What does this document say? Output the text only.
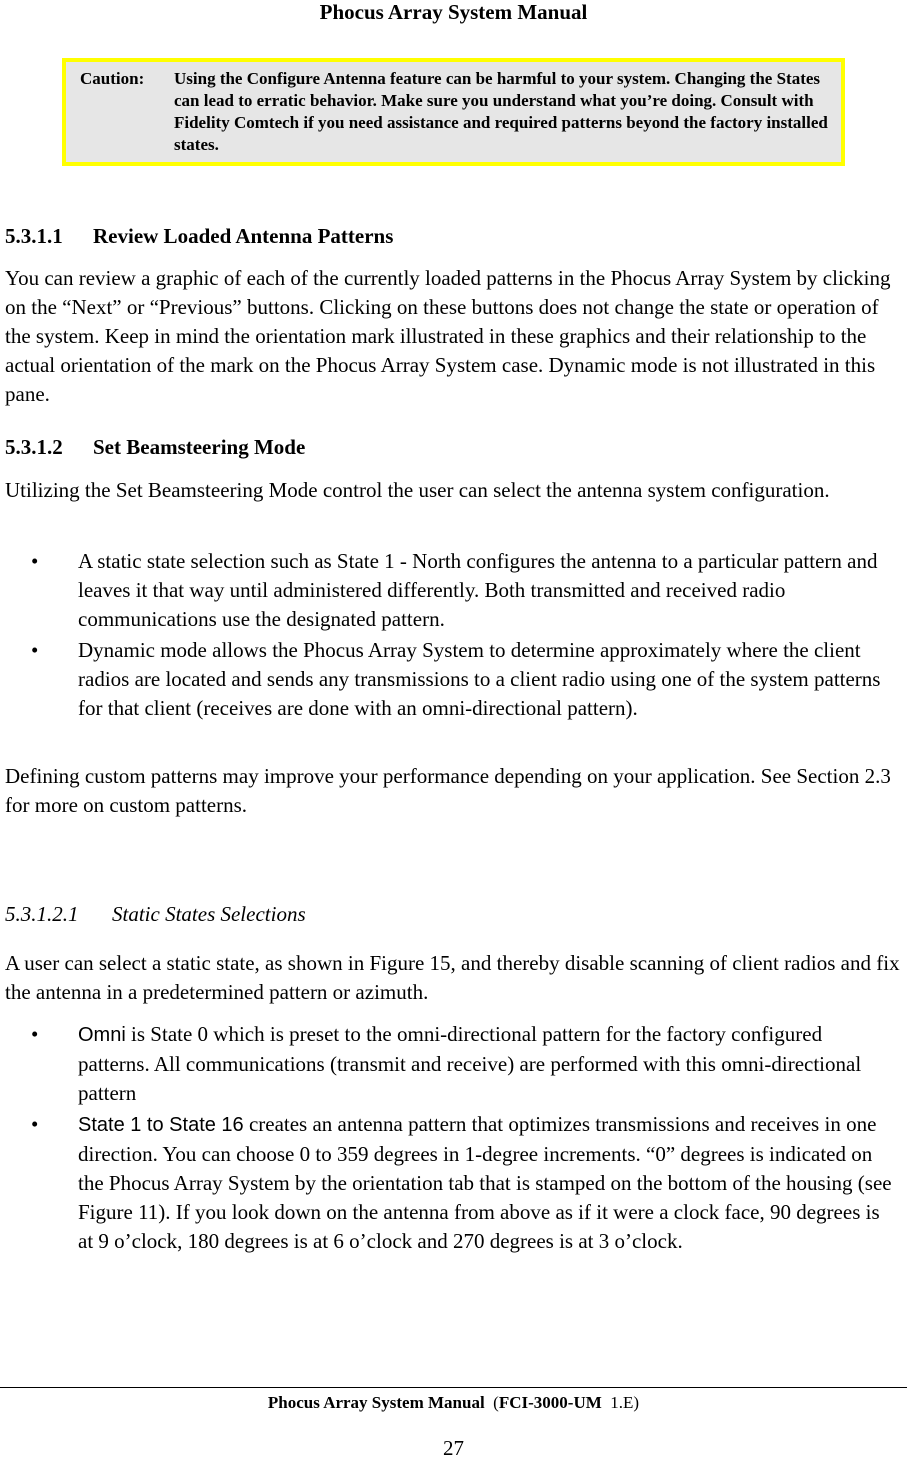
Phocus Array System Manual
Caution: Using the Configure Antenna feature can be harmful to your system. Changing the States can lead to erratic behavior. Make sure you understand what you’re doing. Consult with Fidelity Comtech if you need assistance and required patterns beyond the factory installed states.
5.3.1.1 Review Loaded Antenna Patterns
You can review a graphic of each of the currently loaded patterns in the Phocus Array System by clicking on the “Next” or “Previous” buttons. Clicking on these buttons does not change the state or operation of the system. Keep in mind the orientation mark illustrated in these graphics and their relationship to the actual orientation of the mark on the Phocus Array System case. Dynamic mode is not illustrated in this pane.
5.3.1.2 Set Beamsteering Mode
Utilizing the Set Beamsteering Mode control the user can select the antenna system configuration.
• A static state selection such as State 1 - North configures the antenna to a particular pattern and leaves it that way until administered differently. Both transmitted and received radio communications use the designated pattern.
• Dynamic mode allows the Phocus Array System to determine approximately where the client radios are located and sends any transmissions to a client radio using one of the system patterns for that client (receives are done with an omni-directional pattern).
Defining custom patterns may improve your performance depending on your application. See Section 2.3 for more on custom patterns.
5.3.1.2.1 Static States Selections
A user can select a static state, as shown in Figure 15, and thereby disable scanning of client radios and fix the antenna in a predetermined pattern or azimuth.
• Omni is State 0 which is preset to the omni-directional pattern for the factory configured patterns. All communications (transmit and receive) are performed with this omni-directional pattern
• State 1 to State 16 creates an antenna pattern that optimizes transmissions and receives in one direction. You can choose 0 to 359 degrees in 1-degree increments. “0” degrees is indicated on the Phocus Array System by the orientation tab that is stamped on the bottom of the housing (see Figure 11). If you look down on the antenna from above as if it were a clock face, 90 degrees is at 9 o’clock, 180 degrees is at 6 o’clock and 270 degrees is at 3 o’clock.
Phocus Array System Manual  (FCI-3000-UM 1.E)
27
